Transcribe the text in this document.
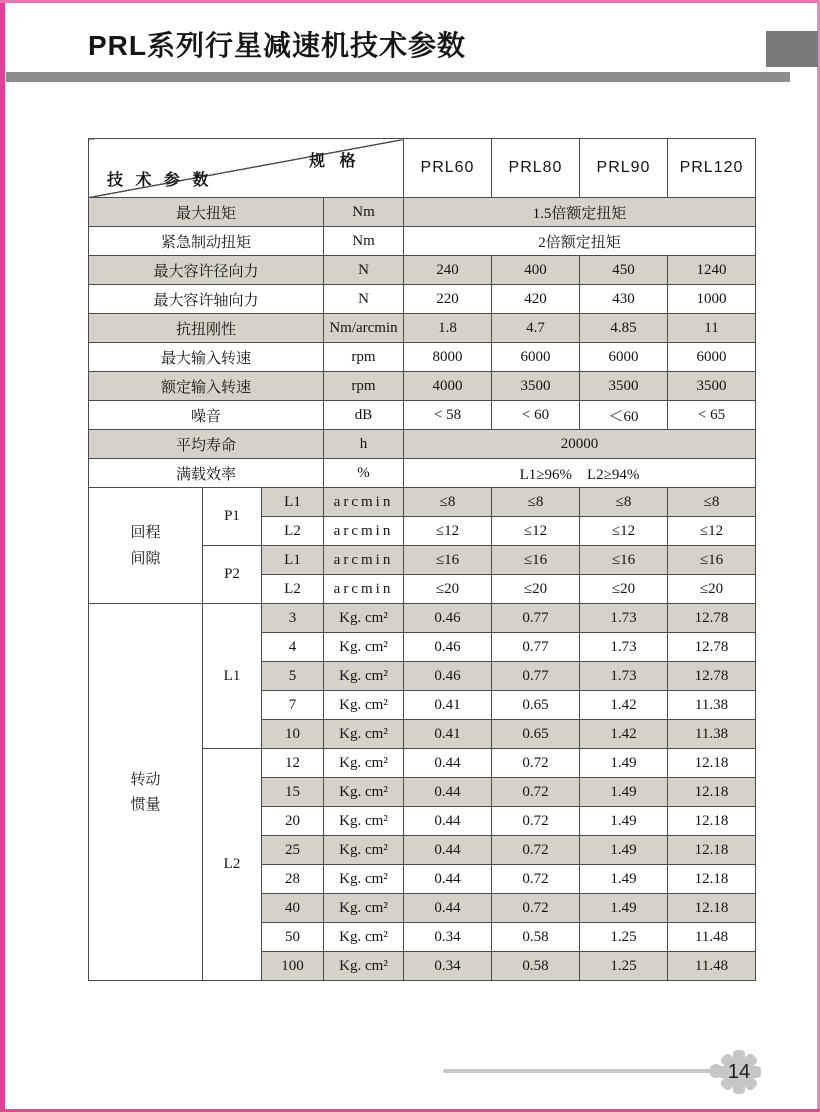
PRL系列行星减速机技术参数
规 格
技 术 参 数				PRL60	PRL80	PRL90	PRL120
最大扭矩			Nm	1.5倍额定扭矩			
紧急制动扭矩			Nm	2倍额定扭矩			
最大容许径向力			N	240	400	450	1240
最大容许轴向力			N	220	420	430	1000
抗扭刚性			Nm/arcmin	1.8	4.7	4.85	11
最大输入转速			rpm	8000	6000	6000	6000
额定输入转速			rpm	4000	3500	3500	3500
噪音			dB	< 58	< 60	＜60	< 65
平均寿命			h	20000			
满载效率			%	L1≥96%　L2≥94%			

回程
间隙	P1	L1	arcmin	≤8	≤8	≤8	≤8
		L2	arcmin	≤12	≤12	≤12	≤12
	P2	L1	arcmin	≤16	≤16	≤16	≤16
		L2	arcmin	≤20	≤20	≤20	≤20

转动
惯量	L1	3	Kg. cm²	0.46	0.77	1.73	12.78
		4	Kg. cm²	0.46	0.77	1.73	12.78
		5	Kg. cm²	0.46	0.77	1.73	12.78
		7	Kg. cm²	0.41	0.65	1.42	11.38
		10	Kg. cm²	0.41	0.65	1.42	11.38
	L2	12	Kg. cm²	0.44	0.72	1.49	12.18
		15	Kg. cm²	0.44	0.72	1.49	12.18
		20	Kg. cm²	0.44	0.72	1.49	12.18
		25	Kg. cm²	0.44	0.72	1.49	12.18
		28	Kg. cm²	0.44	0.72	1.49	12.18
		40	Kg. cm²	0.44	0.72	1.49	12.18
		50	Kg. cm²	0.34	0.58	1.25	11.48
		100	Kg. cm²	0.34	0.58	1.25	11.48
14
